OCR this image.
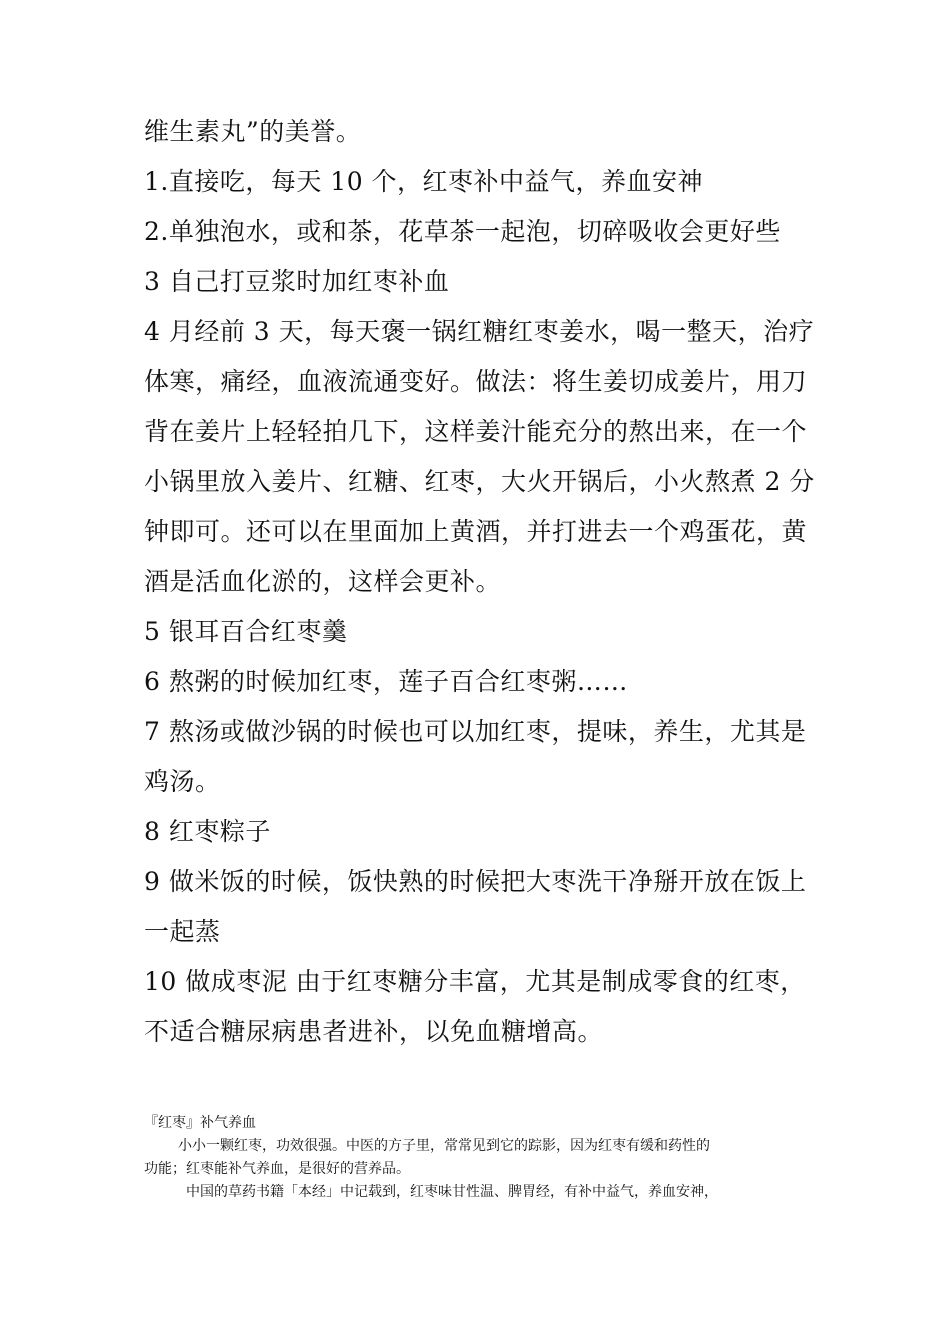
维生素丸”的美誉。
1.直接吃，每天 10 个，红枣补中益气，养血安神
2.单独泡水，或和茶，花草茶一起泡，切碎吸收会更好些
3 自己打豆浆时加红枣补血
4 月经前 3 天，每天褒一锅红糖红枣姜水，喝一整天，治疗
体寒，痛经，血液流通变好。做法：将生姜切成姜片，用刀
背在姜片上轻轻拍几下，这样姜汁能充分的熬出来，在一个
小锅里放入姜片、红糖、红枣，大火开锅后，小火熬煮 2 分
钟即可。还可以在里面加上黄酒，并打进去一个鸡蛋花，黄
酒是活血化淤的，这样会更补。
5 银耳百合红枣羹
6 熬粥的时候加红枣，莲子百合红枣粥……
7 熬汤或做沙锅的时候也可以加红枣，提味，养生，尤其是
鸡汤。
8 红枣粽子
9 做米饭的时候，饭快熟的时候把大枣洗干净掰开放在饭上
一起蒸
10 做成枣泥 由于红枣糖分丰富，尤其是制成零食的红枣，
不适合糖尿病患者进补，以免血糖增高。
『红枣』补气养血
小小一颗红枣，功效很强。中医的方子里，常常见到它的踪影，因为红枣有缓和药性的
功能；红枣能补气养血，是很好的营养品。
中国的草药书籍「本经」中记载到，红枣味甘性温、脾胃经，有补中益气，养血安神，
